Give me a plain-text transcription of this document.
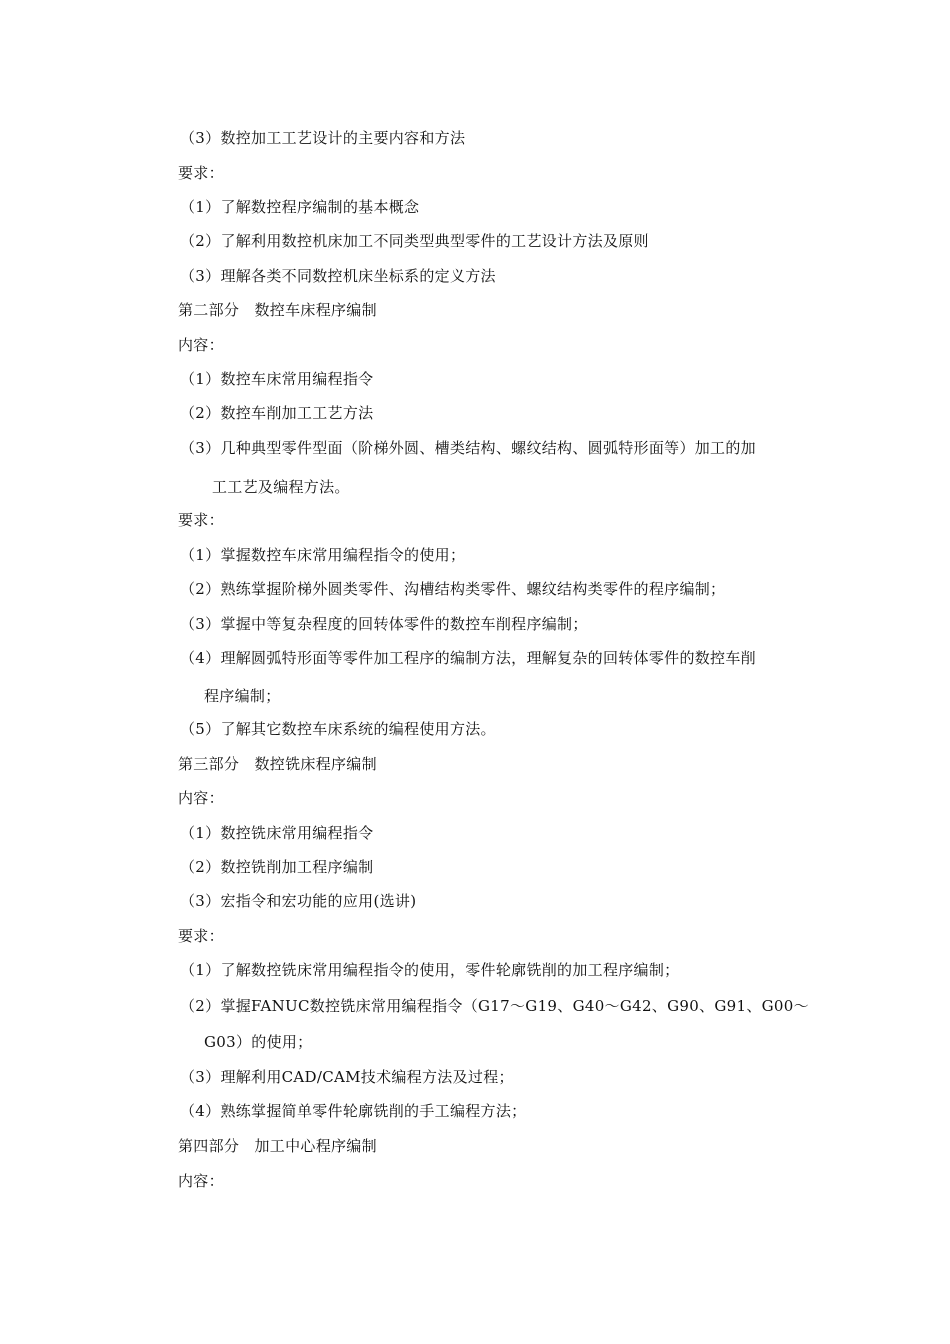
（3）数控加工工艺设计的主要内容和方法
要求：
（1）了解数控程序编制的基本概念
（2）了解利用数控机床加工不同类型典型零件的工艺设计方法及原则
（3）理解各类不同数控机床坐标系的定义方法
第二部分　数控车床程序编制
内容：
（1）数控车床常用编程指令
（2）数控车削加工工艺方法
（3）几种典型零件型面（阶梯外圆、槽类结构、螺纹结构、圆弧特形面等）加工的加
工工艺及编程方法。
要求：
（1）掌握数控车床常用编程指令的使用；
（2）熟练掌握阶梯外圆类零件、沟槽结构类零件、螺纹结构类零件的程序编制；
（3）掌握中等复杂程度的回转体零件的数控车削程序编制；
（4）理解圆弧特形面等零件加工程序的编制方法，理解复杂的回转体零件的数控车削
程序编制；
（5）了解其它数控车床系统的编程使用方法。
第三部分　数控铣床程序编制
内容：
（1）数控铣床常用编程指令
（2）数控铣削加工程序编制
（3）宏指令和宏功能的应用(选讲)
要求：
（1）了解数控铣床常用编程指令的使用，零件轮廓铣削的加工程序编制；
（2）掌握FANUC数控铣床常用编程指令（G17～G19、G40～G42、G90、G91、G00～
G03）的使用；
（3）理解利用CAD/CAM技术编程方法及过程；
（4）熟练掌握简单零件轮廓铣削的手工编程方法；
第四部分　加工中心程序编制
内容：
